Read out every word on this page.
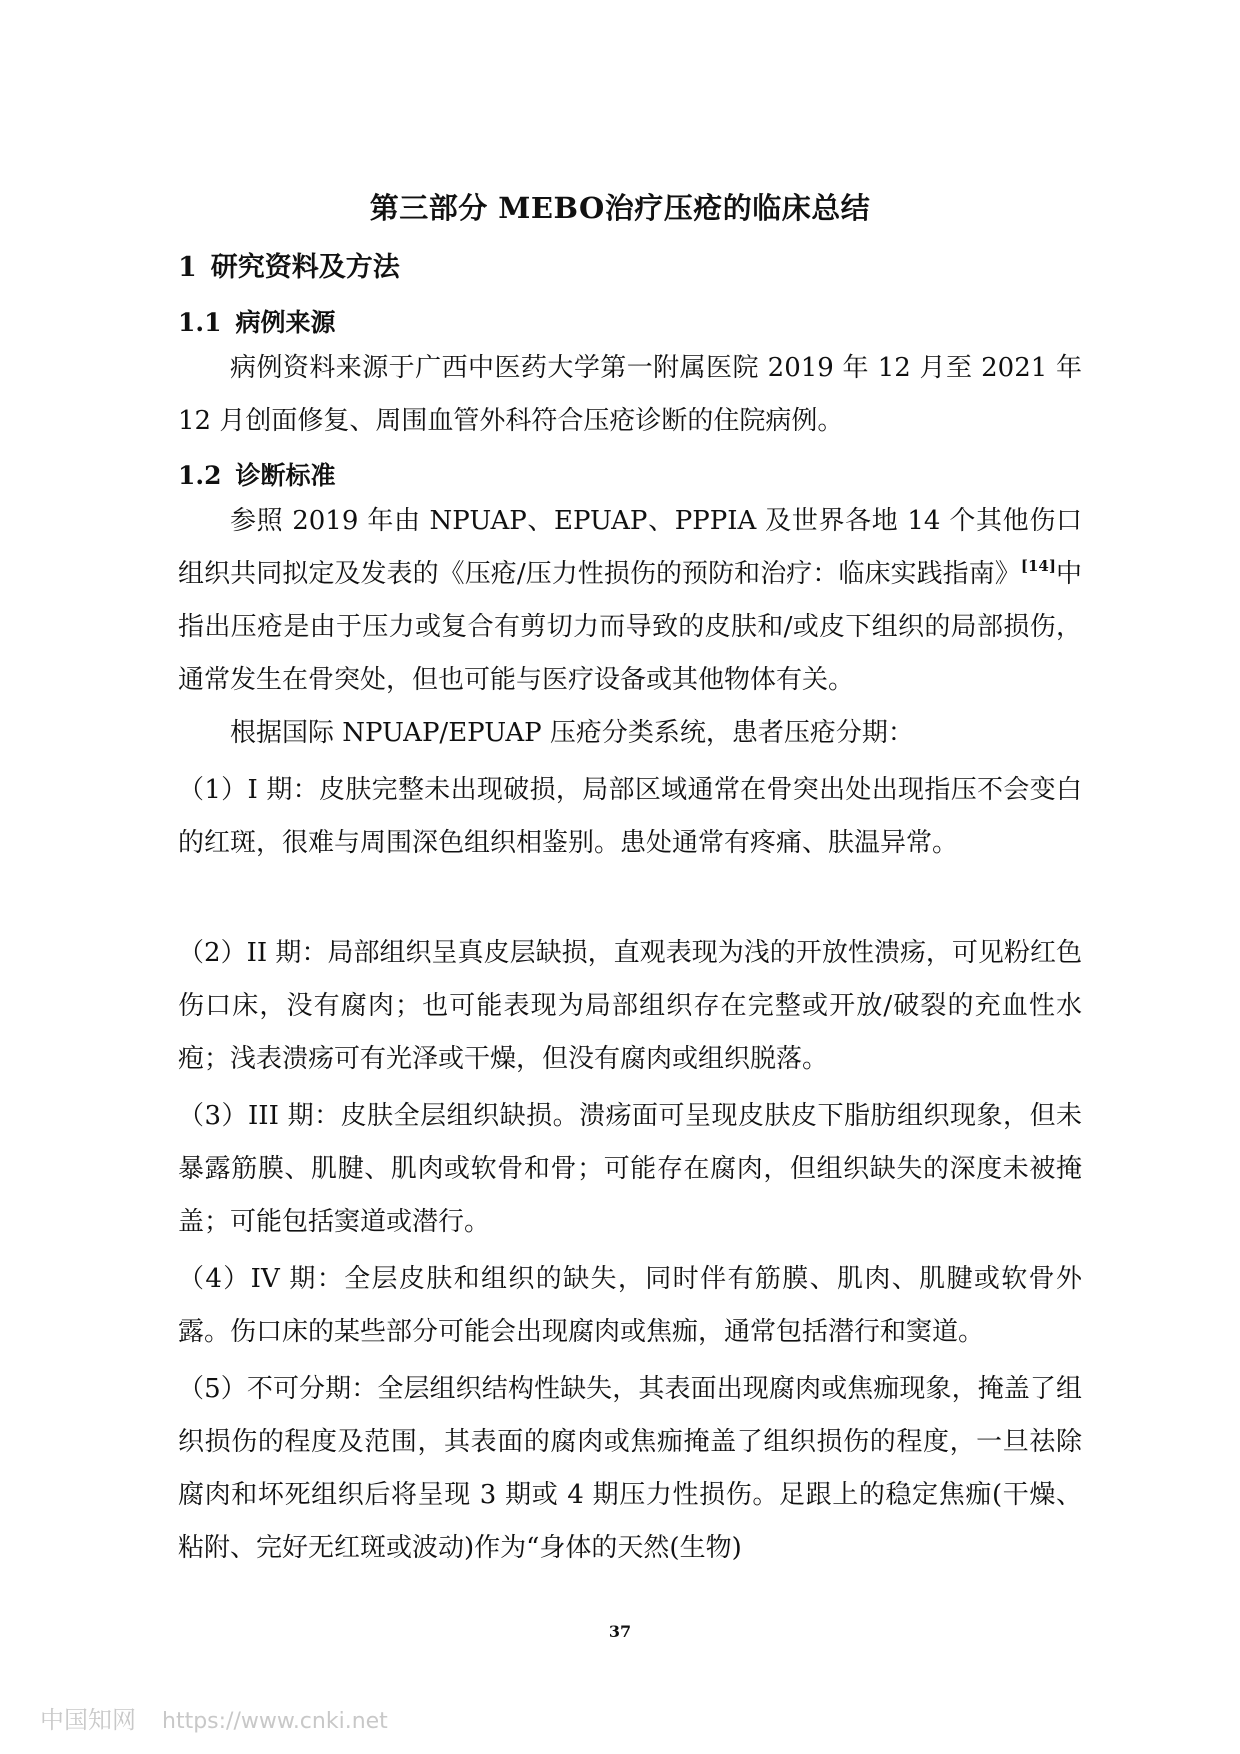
第三部分 MEBO治疗压疮的临床总结
1 研究资料及方法
1.1 病例来源

病例资料来源于广西中医药大学第一附属医院 2019 年 12 月至 2021 年 12 月创面修复、周围血管外科符合压疮诊断的住院病例。

1.2 诊断标准

参照 2019 年由 NPUAP、EPUAP、PPPIA 及世界各地 14 个其他伤口组织共同拟定及发表的《压疮/压力性损伤的预防和治疗：临床实践指南》[14]中指出压疮是由于压力或复合有剪切力而导致的皮肤和/或皮下组织的局部损伤，通常发生在骨突处，但也可能与医疗设备或其他物体有关。

根据国际 NPUAP/EPUAP 压疮分类系统，患者压疮分期：

（1）I 期：皮肤完整未出现破损，局部区域通常在骨突出处出现指压不会变白的红斑，很难与周围深色组织相鉴别。患处通常有疼痛、肤温异常。

（2）II 期：局部组织呈真皮层缺损，直观表现为浅的开放性溃疡，可见粉红色伤口床，没有腐肉；也可能表现为局部组织存在完整或开放/破裂的充血性水疱；浅表溃疡可有光泽或干燥，但没有腐肉或组织脱落。

（3）III 期：皮肤全层组织缺损。溃疡面可呈现皮肤皮下脂肪组织现象，但未暴露筋膜、肌腱、肌肉或软骨和骨；可能存在腐肉，但组织缺失的深度未被掩盖；可能包括窦道或潜行。

（4）IV 期：全层皮肤和组织的缺失，同时伴有筋膜、肌肉、肌腱或软骨外露。伤口床的某些部分可能会出现腐肉或焦痂，通常包括潜行和窦道。

（5）不可分期：全层组织结构性缺失，其表面出现腐肉或焦痂现象，掩盖了组织损伤的程度及范围，其表面的腐肉或焦痂掩盖了组织损伤的程度，一旦祛除腐肉和坏死组织后将呈现 3 期或 4 期压力性损伤。足跟上的稳定焦痂(干燥、粘附、完好无红斑或波动)作为“身体的天然(生物)

37
中国知网 https://www.cnki.net
